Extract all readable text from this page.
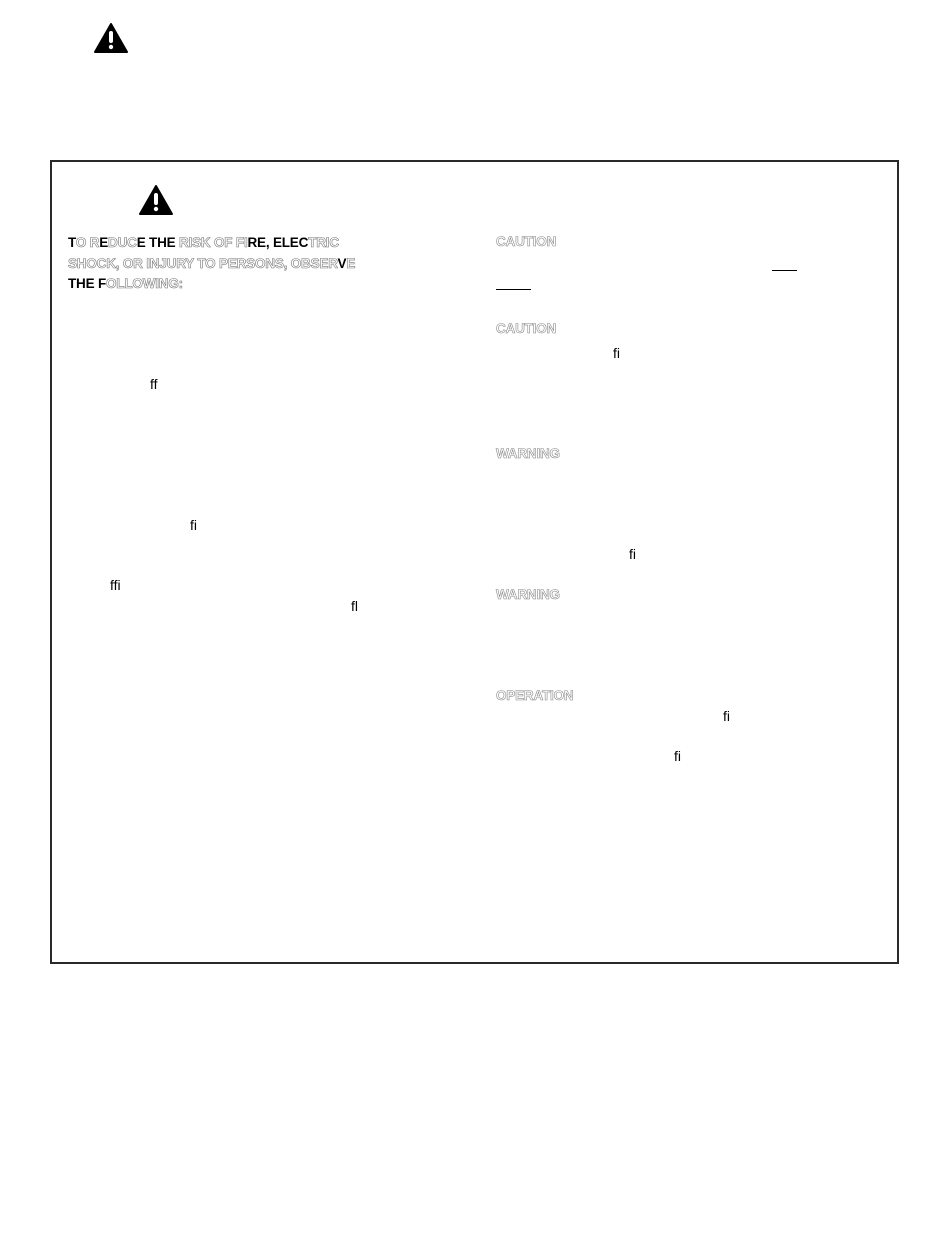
TO REDUCE THE RISK OF FIRE, ELECTRIC
SHOCK, OR INJURY TO PERSONS, OBSERVE
THE FOLLOWING:
ff
fi
ffi
fl
CAUTION
CAUTION
fi
WARNING
fi
WARNING
OPERATION
fi
fi
